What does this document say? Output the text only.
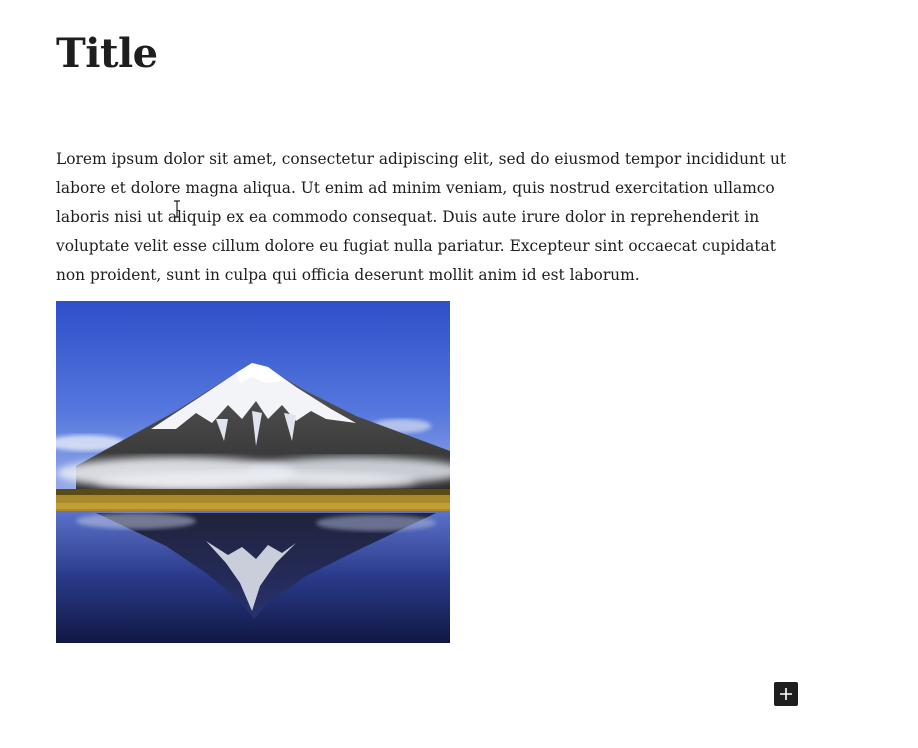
Title

Lorem ipsum dolor sit amet, consectetur adipiscing elit, sed do eiusmod tempor incididunt ut labore et dolore magna aliqua. Ut enim ad minim veniam, quis nostrud exercitation ullamco laboris nisi ut aliquip ex ea commodo consequat. Duis aute irure dolor in reprehenderit in voluptate velit esse cillum dolore eu fugiat nulla pariatur. Excepteur sint occaecat cupidatat non proident, sunt in culpa qui officia deserunt mollit anim id est laborum.
